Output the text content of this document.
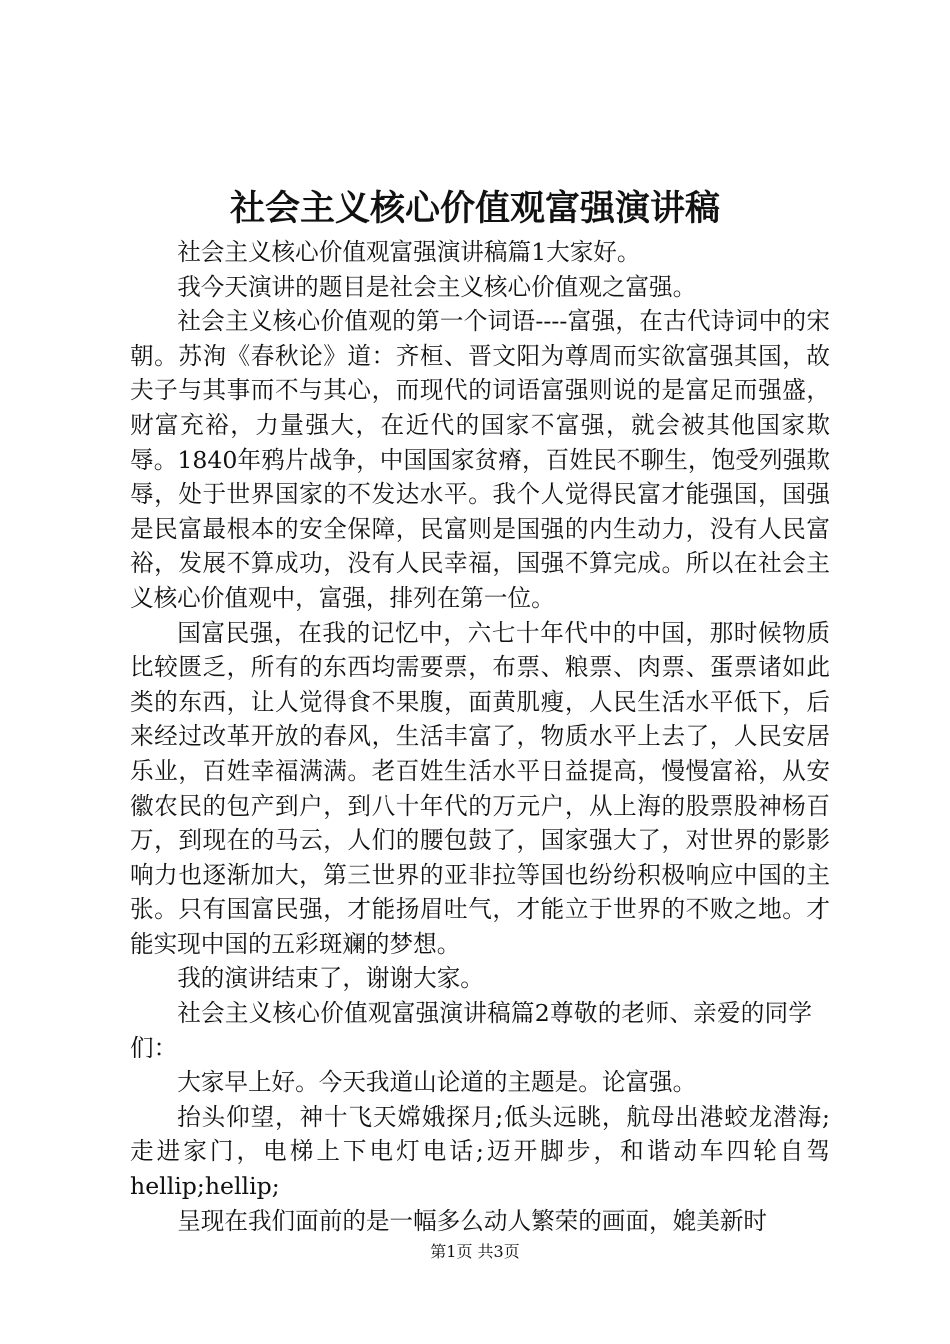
社会主义核心价值观富强演讲稿

社会主义核心价值观富强演讲稿篇1大家好。

我今天演讲的题目是社会主义核心价值观之富强。

社会主义核心价值观的第一个词语----富强，在古代诗词中的宋朝。苏洵《春秋论》道：齐桓、晋文阳为尊周而实欲富强其国，故夫子与其事而不与其心，而现代的词语富强则说的是富足而强盛，财富充裕，力量强大，在近代的国家不富强，就会被其他国家欺辱。1840年鸦片战争，中国国家贫瘠，百姓民不聊生，饱受列强欺辱，处于世界国家的不发达水平。我个人觉得民富才能强国，国强是民富最根本的安全保障，民富则是国强的内生动力，没有人民富裕，发展不算成功，没有人民幸福，国强不算完成。所以在社会主义核心价值观中，富强，排列在第一位。

国富民强，在我的记忆中，六七十年代中的中国，那时候物质比较匮乏，所有的东西均需要票，布票、粮票、肉票、蛋票诸如此类的东西，让人觉得食不果腹，面黄肌瘦，人民生活水平低下，后来经过改革开放的春风，生活丰富了，物质水平上去了，人民安居乐业，百姓幸福满满。老百姓生活水平日益提高，慢慢富裕，从安徽农民的包产到户，到八十年代的万元户，从上海的股票股神杨百万，到现在的马云，人们的腰包鼓了，国家强大了，对世界的影影响力也逐渐加大，第三世界的亚非拉等国也纷纷积极响应中国的主张。只有国富民强，才能扬眉吐气，才能立于世界的不败之地。才能实现中国的五彩斑斓的梦想。

我的演讲结束了，谢谢大家。

社会主义核心价值观富强演讲稿篇2尊敬的老师、亲爱的同学们：

大家早上好。今天我道山论道的主题是。论富强。

抬头仰望，神十飞天嫦娥探月;低头远眺，航母出港蛟龙潜海;走进家门，电梯上下电灯电话;迈开脚步，和谐动车四轮自驾hellip;hellip;

呈现在我们面前的是一幅多么动人繁荣的画面，媲美新时

第1页 共3页
